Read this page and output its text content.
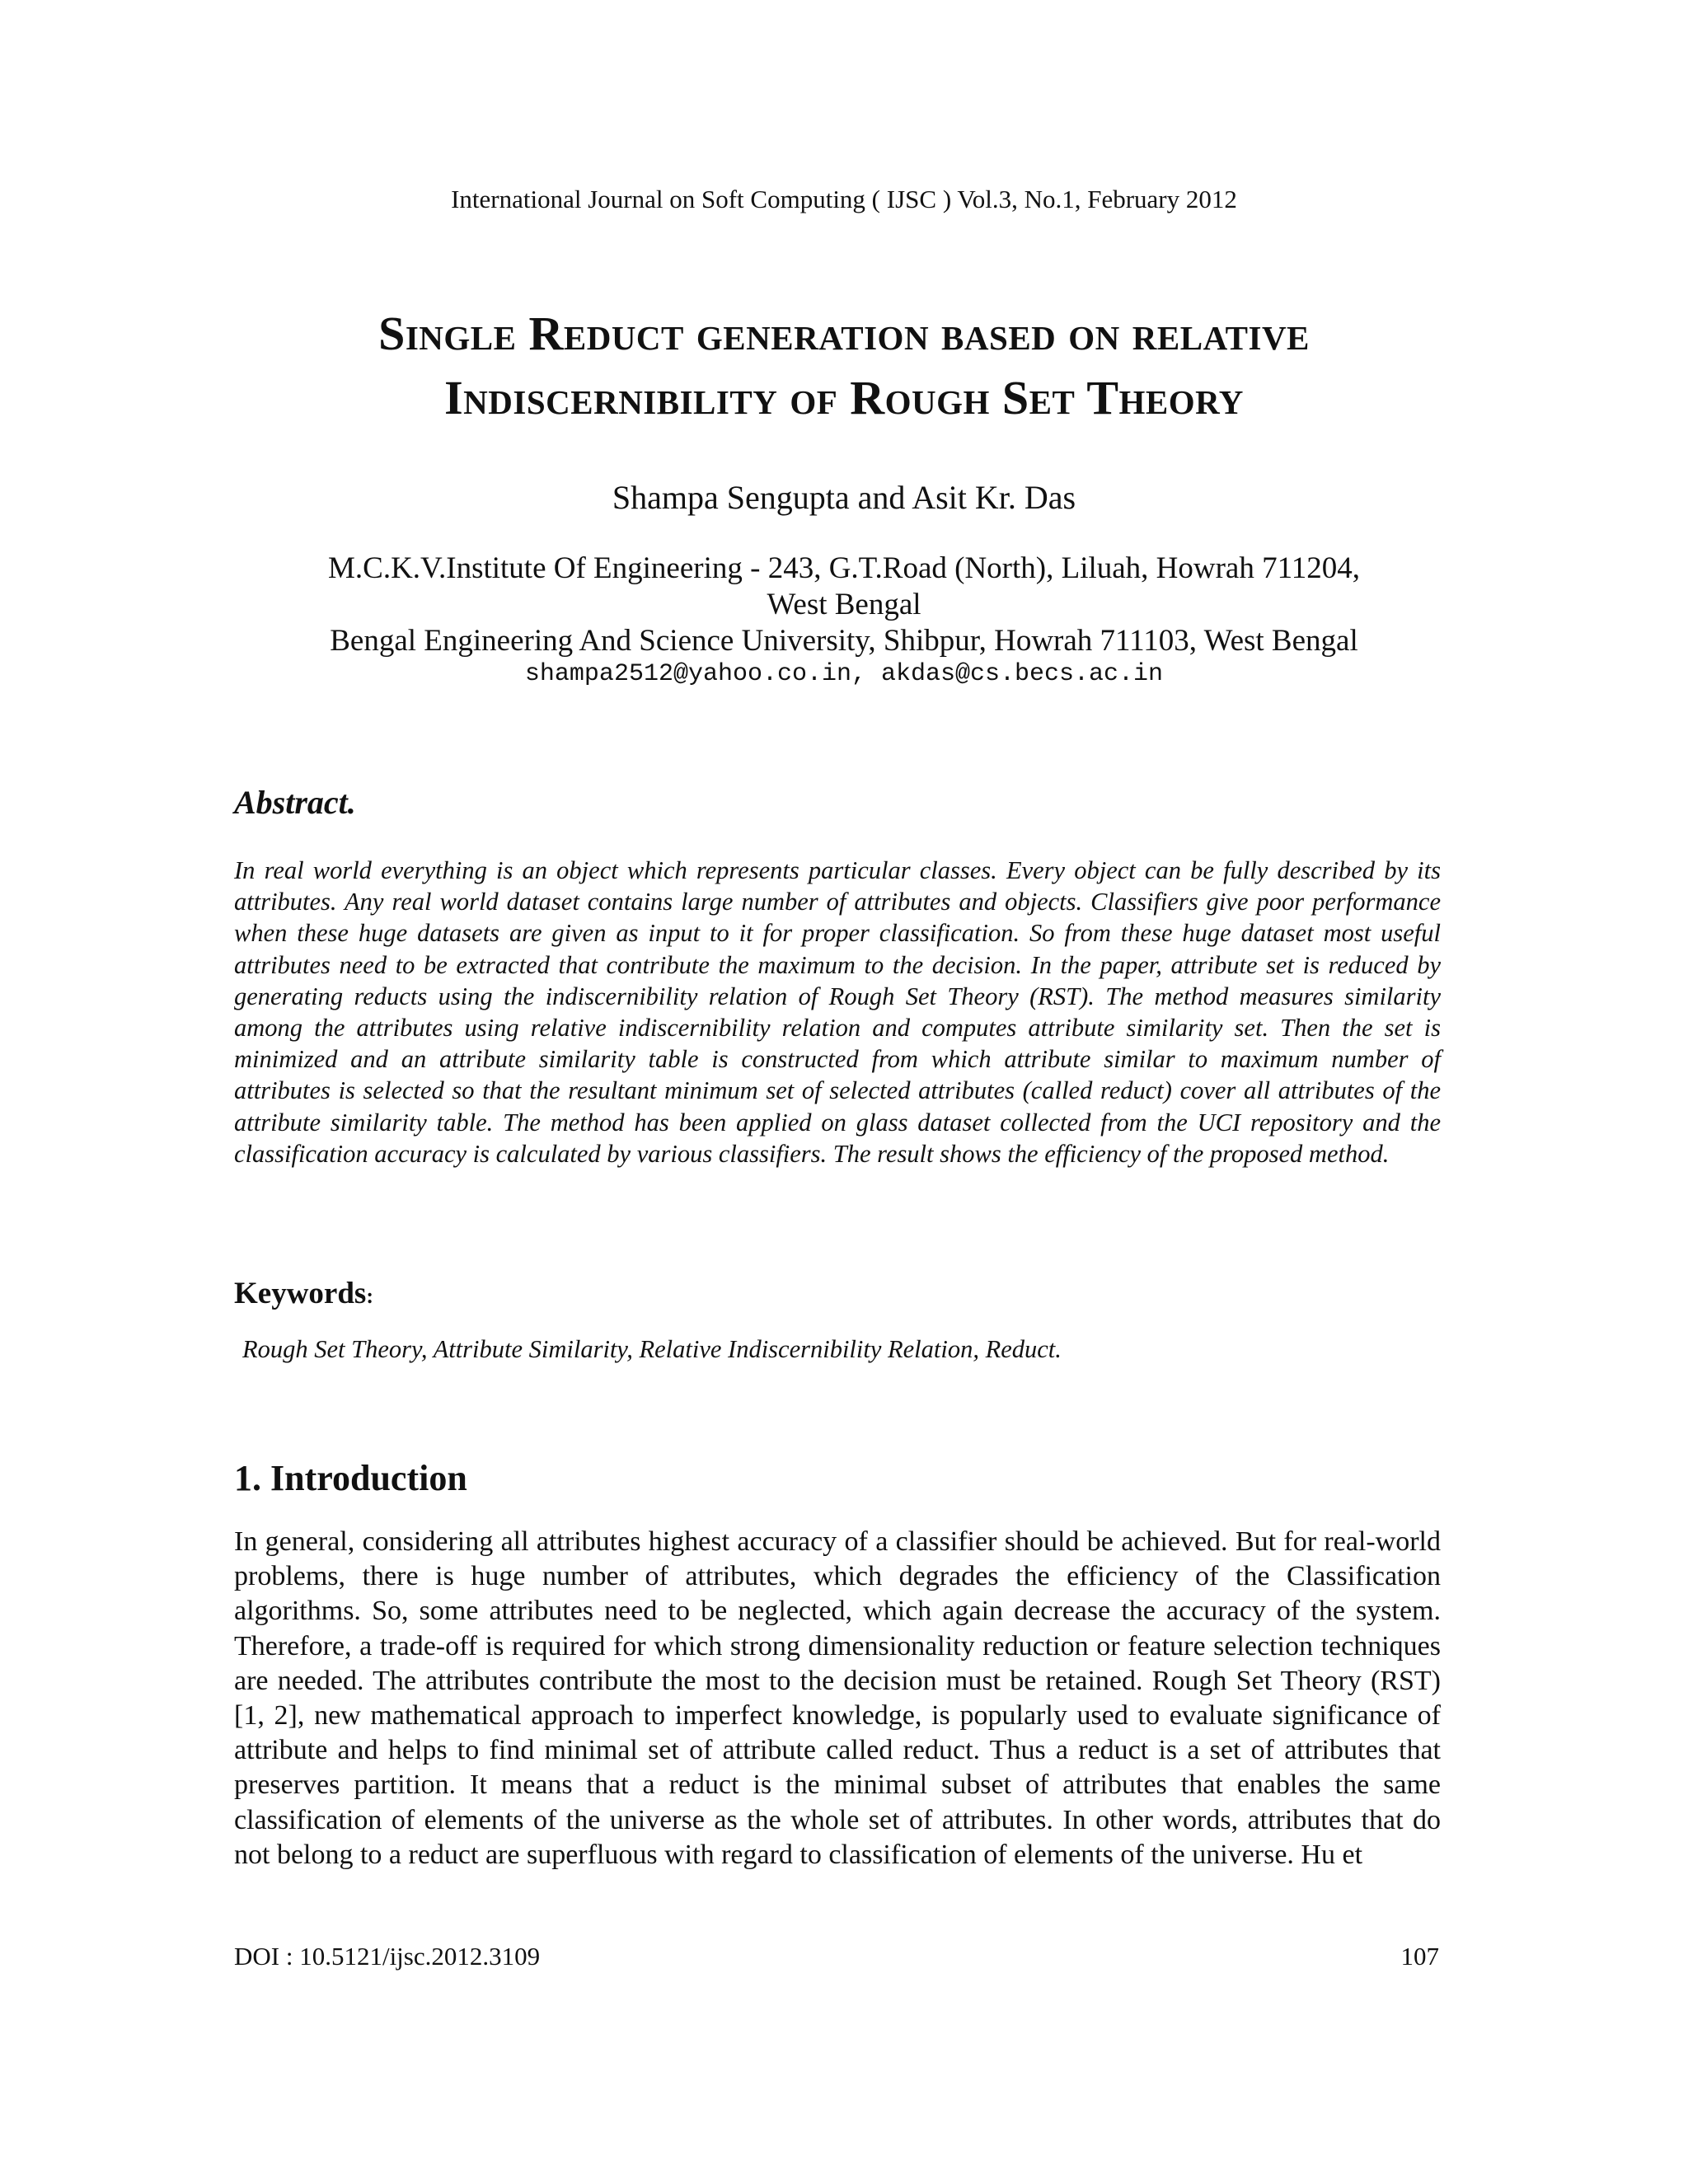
International Journal on Soft Computing ( IJSC ) Vol.3, No.1, February 2012
Single Reduct generation based on relative
Indiscernibility of Rough Set Theory
Shampa Sengupta and Asit Kr. Das
M.C.K.V.Institute Of Engineering - 243, G.T.Road (North), Liluah, Howrah 711204,
West Bengal
Bengal Engineering And Science University, Shibpur, Howrah 711103, West Bengal
shampa2512@yahoo.co.in, akdas@cs.becs.ac.in
Abstract.
In real world everything is an object which represents particular classes. Every object can be fully described by its attributes. Any real world dataset contains large number of attributes and objects. Classifiers give poor performance when these huge datasets are given as input to it for proper classification. So from these huge dataset most useful attributes need to be extracted that contribute the maximum to the decision. In the paper, attribute set is reduced by generating reducts using the indiscernibility relation of Rough Set Theory (RST). The method measures similarity among the attributes using relative indiscernibility relation and computes attribute similarity set. Then the set is minimized and an attribute similarity table is constructed from which attribute similar to maximum number of attributes is selected so that the resultant minimum set of selected attributes (called reduct) cover all attributes of the attribute similarity table. The method has been applied on glass dataset collected from the UCI repository and the classification accuracy is calculated by various classifiers. The result shows the efficiency of the proposed method.
Keywords:
Rough Set Theory, Attribute Similarity, Relative Indiscernibility Relation, Reduct.
1. Introduction
In general, considering all attributes highest accuracy of a classifier should be achieved. But for real-world problems, there is huge number of attributes, which degrades the efficiency of the Classification algorithms. So, some attributes need to be neglected, which again decrease the accuracy of the system. Therefore, a trade-off is required for which strong dimensionality reduction or feature selection techniques are needed. The attributes contribute the most to the decision must be retained. Rough Set Theory (RST) [1, 2], new mathematical approach to imperfect knowledge, is popularly used to evaluate significance of attribute and helps to find minimal set of attribute called reduct. Thus a reduct is a set of attributes that preserves partition. It means that a reduct is the minimal subset of attributes that enables the same classification of elements of the universe as the whole set of attributes. In other words, attributes that do not belong to a reduct are superfluous with regard to classification of elements of the universe. Hu et
DOI : 10.5121/ijsc.2012.3109	107
